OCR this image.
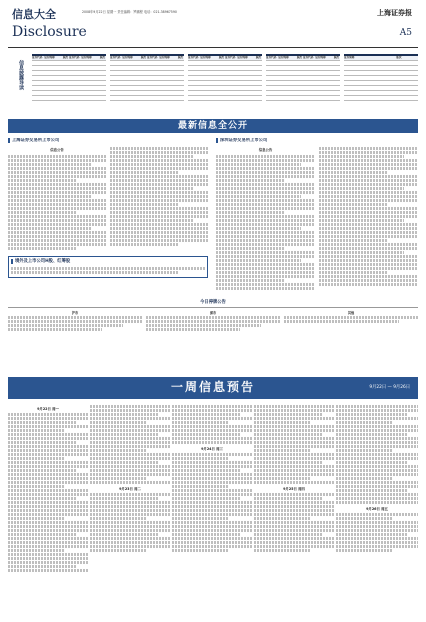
信息大全
Disclosure
2008年9月22日 星期一 责任编辑：罗鹏程 电话：021-38967590	上海证券报
A5
信息披露导读
证券代码 证券简称	版次 证券代码 证券简称	版次	证券代码 证券简称	版次 证券代码 证券简称	版次	证券代码 证券简称	版次 证券代码 证券简称	版次	证券代码 证券简称	版次 证券代码 证券简称	版次	证券简称	版次
最新信息全公开
上海证券交易所上市公司
信息公告
深圳证券交易所上市公司
信息公告
境外及上市公司H股、红筹股
今日停牌公告
沪市	深市	其他
一周信息预告	9月22日 — 9月26日
9月22日 周一
9月23日 周二
9月24日 周三
9月25日 周四
9月26日 周五
